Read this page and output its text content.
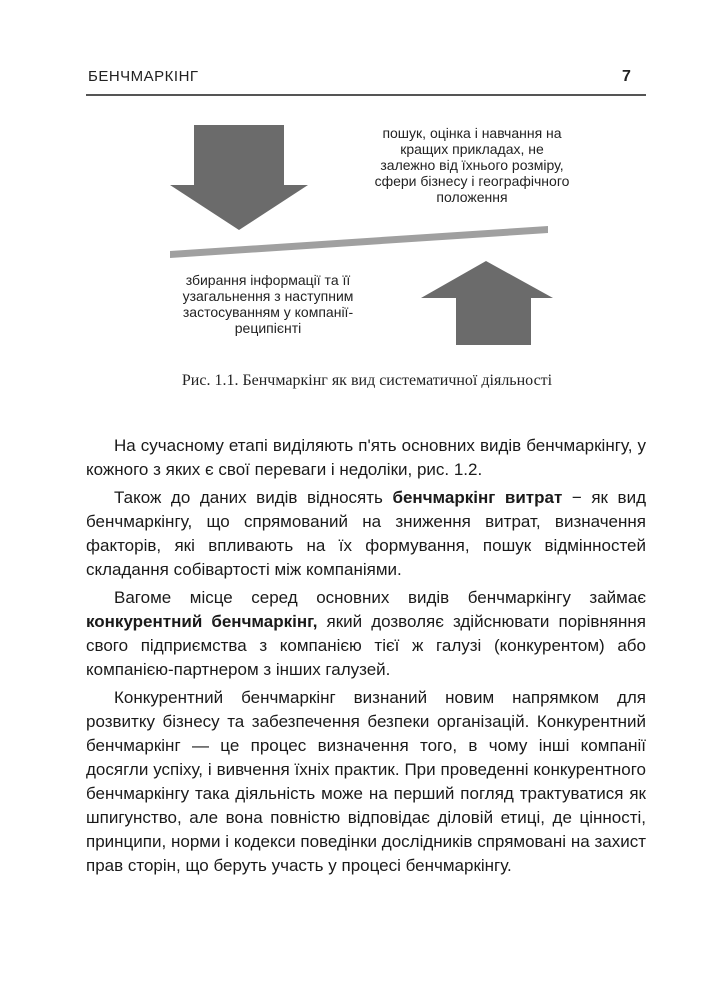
БЕНЧМАРКІНГ	7
пошук, оцінка і навчання на кращих прикладах, не залежно від їхнього розміру, сфери бізнесу і географічного положення
збирання інформації та її узагальнення з наступним застосуванням у компанії-реципієнті
Рис. 1.1. Бенчмаркінг як вид систематичної діяльності

На сучасному етапі виділяють п'ять основних видів бенчмаркінгу, у кожного з яких є свої переваги і недоліки, рис. 1.2.

Також до даних видів відносять бенчмаркінг витрат − як вид бенчмаркінгу, що спрямований на зниження витрат, визначення факторів, які впливають на їх формування, пошук відмінностей складання собівартості між компаніями.

Вагоме місце серед основних видів бенчмаркінгу займає конкурентний бенчмаркінг, який дозволяє здійснювати порівняння свого підприємства з компанією тієї ж галузі (конкурентом) або компанією-партнером з інших галузей.

Конкурентний бенчмаркінг визнаний новим напрямком для розвитку бізнесу та забезпечення безпеки організацій. Конкурентний бенчмаркінг — це процес визначення того, в чому інші компанії досягли успіху, і вивчення їхніх практик. При проведенні конкурентного бенчмаркінгу така діяльність може на перший погляд трактуватися як шпигунство, але вона повністю відповідає діловій етиці, де цінності, принципи, норми і кодекси поведінки дослідників спрямовані на захист прав сторін, що беруть участь у процесі бенчмаркінгу.
